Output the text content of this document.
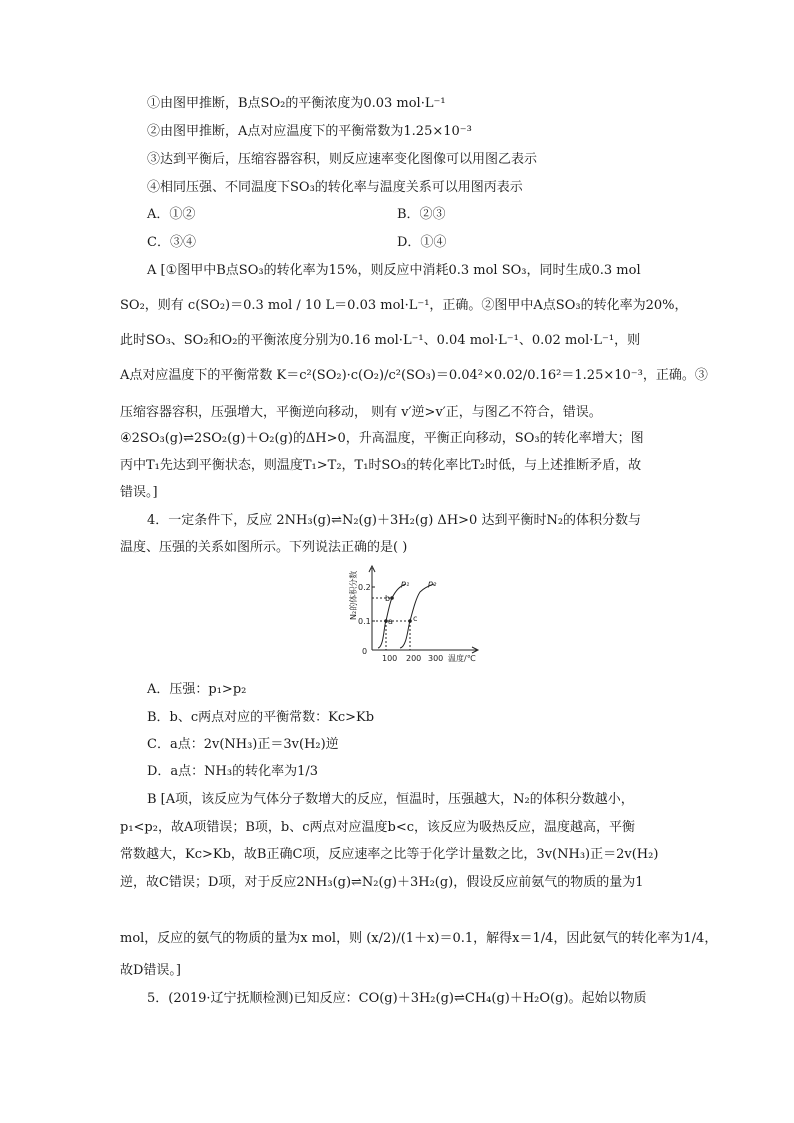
①由图甲推断，B点SO₂的平衡浓度为0.03 mol·L⁻¹
②由图甲推断，A点对应温度下的平衡常数为1.25×10⁻³
③达到平衡后，压缩容器容积，则反应速率变化图像可以用图乙表示
④相同压强、不同温度下SO₃的转化率与温度关系可以用图丙表示
A．①②	B．②③
C．③④	D．①④
A [①图甲中B点SO₃的转化率为15%，则反应中消耗0.3 mol SO₃，同时生成0.3 mol
SO₂，则有 c(SO₂)＝0.3 mol / 10 L＝0.03 mol·L⁻¹，正确。②图甲中A点SO₃的转化率为20%，
此时SO₃、SO₂和O₂的平衡浓度分别为0.16 mol·L⁻¹、0.04 mol·L⁻¹、0.02 mol·L⁻¹，则
A点对应温度下的平衡常数 K＝c²(SO₂)·c(O₂)/c²(SO₃)＝0.04²×0.02/0.16²＝1.25×10⁻³，正确。③
压缩容器容积，压强增大，平衡逆向移动， 则有 v′逆>v′正，与图乙不符合，错误。
④2SO₃(g)⇌2SO₂(g)＋O₂(g)的ΔH>0，升高温度，平衡正向移动，SO₃的转化率增大；图
丙中T₁先达到平衡状态，则温度T₁>T₂，T₁时SO₃的转化率比T₂时低，与上述推断矛盾，故
错误。]
4．一定条件下，反应 2NH₃(g)⇌N₂(g)＋3H₂(g) ΔH>0 达到平衡时N₂的体积分数与
温度、压强的关系如图所示。下列说法正确的是( )
N₂的体积分数
温度/℃
0.2
0.1
0
100 200 300
p₁ p₂
a
b
c
A．压强：p₁>p₂
B．b、c两点对应的平衡常数：Kc>Kb
C．a点：2v(NH₃)正＝3v(H₂)逆
D．a点：NH₃的转化率为1/3
B [A项，该反应为气体分子数增大的反应，恒温时，压强越大，N₂的体积分数越小，
p₁<p₂，故A项错误；B项，b、c两点对应温度b<c，该反应为吸热反应，温度越高，平衡
常数越大，Kc>Kb，故B正确C项，反应速率之比等于化学计量数之比，3v(NH₃)正＝2v(H₂)
逆，故C错误；D项，对于反应2NH₃(g)⇌N₂(g)＋3H₂(g)，假设反应前氨气的物质的量为1
mol，反应的氨气的物质的量为x mol，则 (x/2)/(1＋x)＝0.1，解得x＝1/4，因此氨气的转化率为1/4，
故D错误。]
5．(2019·辽宁抚顺检测)已知反应：CO(g)＋3H₂(g)⇌CH₄(g)＋H₂O(g)。起始以物质
